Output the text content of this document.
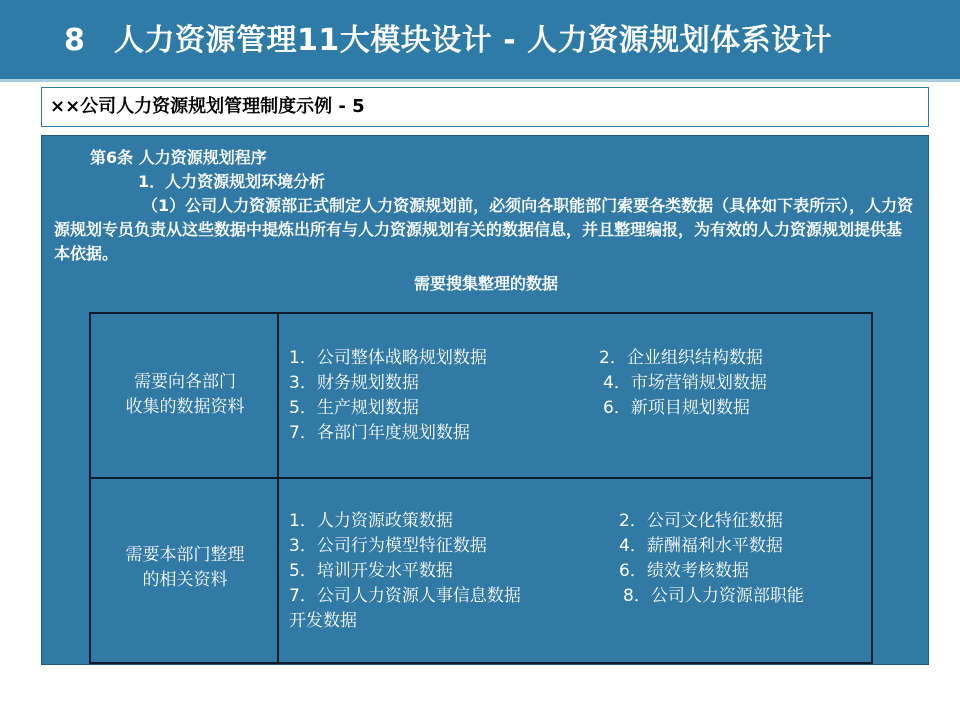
8 人力资源管理11大模块设计 - 人力资源规划体系设计
××公司人力资源规划管理制度示例 - 5
第6条 人力资源规划程序
1．人力资源规划环境分析
（1）公司人力资源部正式制定人力资源规划前，必须向各职能部门索要各类数据（具体如下表所示），人力资源规划专员负责从这些数据中提炼出所有与人力资源规划有关的数据信息，并且整理编报，为有效的人力资源规划提供基本依据。
需要搜集整理的数据
需要向各部门
收集的数据资料
1．公司整体战略规划数据	2．企业组织结构数据
3．财务规划数据	4．市场营销规划数据
5．生产规划数据	6．新项目规划数据
7．各部门年度规划数据
需要本部门整理
的相关资料
1．人力资源政策数据	2．公司文化特征数据
3．公司行为模型特征数据	4．薪酬福利水平数据
5．培训开发水平数据	6．绩效考核数据
7．公司人力资源人事信息数据	8．公司人力资源部职能
开发数据
